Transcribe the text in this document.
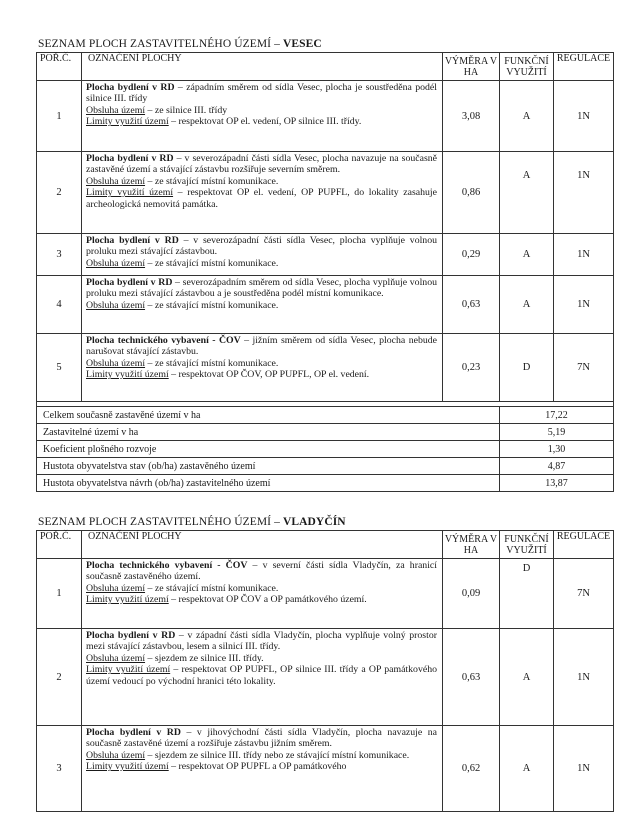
SEZNAM PLOCH ZASTAVITELNÉHO ÚZEMÍ – VESEC
POŘ.Č.	OZNAČENÍ PLOCHY	VÝMĚRA V HA	FUNKČNÍ VYUŽITÍ	REGULACE
1	Plocha bydlení v RD – západním směrem od sídla Vesec, plocha je soustředěna podél silnice III. třídy
Obsluha území – ze silnice III. třídy
Limity využití území – respektovat OP el. vedení, OP silnice III. třídy.	3,08	A	1N
2	Plocha bydlení v RD – v severozápadní části sídla Vesec, plocha navazuje na současně zastavěné území a stávající zástavbu rozšiřuje severním směrem.
Obsluha území – ze stávající místní komunikace.
Limity využití území – respektovat OP el. vedení, OP PUPFL, do lokality zasahuje archeologická nemovitá památka.	0,86	A	1N
3	Plocha bydlení v RD – v severozápadní části sídla Vesec, plocha vyplňuje volnou proluku mezi stávající zástavbou.
Obsluha území – ze stávající místní komunikace.	0,29	A	1N
4	Plocha bydlení v RD – severozápadním směrem od sídla Vesec, plocha vyplňuje volnou proluku mezi stávající zástavbou a je soustředěna podél místní komunikace.
Obsluha území – ze stávající místní komunikace.	0,63	A	1N
5	Plocha technického vybavení - ČOV – jižním směrem od sídla Vesec, plocha nebude narušovat stávající zástavbu.
Obsluha území – ze stávající místní komunikace.
Limity využití území – respektovat OP ČOV, OP PUPFL, OP el. vedení.	0,23	D	7N

Celkem současně zastavěné území v ha			17,22	
Zastavitelné území v ha			5,19	
Koeficient plošného rozvoje			1,30	
Hustota obyvatelstva stav (ob/ha) zastavěného území			4,87	
Hustota obyvatelstva návrh (ob/ha) zastavitelného území			13,87	
SEZNAM PLOCH ZASTAVITELNÉHO ÚZEMÍ – VLADYČÍN
POŘ.Č.	OZNAČENÍ PLOCHY	VÝMĚRA V HA	FUNKČNÍ VYUŽITÍ	REGULACE
1	Plocha technického vybavení - ČOV – v severní části sídla Vladyčín, za hranicí současně zastavěného území.
Obsluha území – ze stávající místní komunikace.
Limity využití území – respektovat OP ČOV a OP památkového území.	0,09	D	7N
2	Plocha bydlení v RD – v západní části sídla Vladyčín, plocha vyplňuje volný prostor mezi stávající zástavbou, lesem a silnicí III. třídy.
Obsluha území – sjezdem ze silnice III. třídy.
Limity využití území – respektovat OP PUPFL, OP silnice III. třídy a OP památkového území vedoucí po východní hranici této lokality.	0,63	A	1N
3	Plocha bydlení v RD – v jihovýchodní části sídla Vladyčín, plocha navazuje na současně zastavěné území a rozšiřuje zástavbu jižním směrem.
Obsluha území – sjezdem ze silnice III. třídy nebo ze stávající místní komunikace.
Limity využití území – respektovat OP PUPFL a OP památkového	0,62	A	1N
